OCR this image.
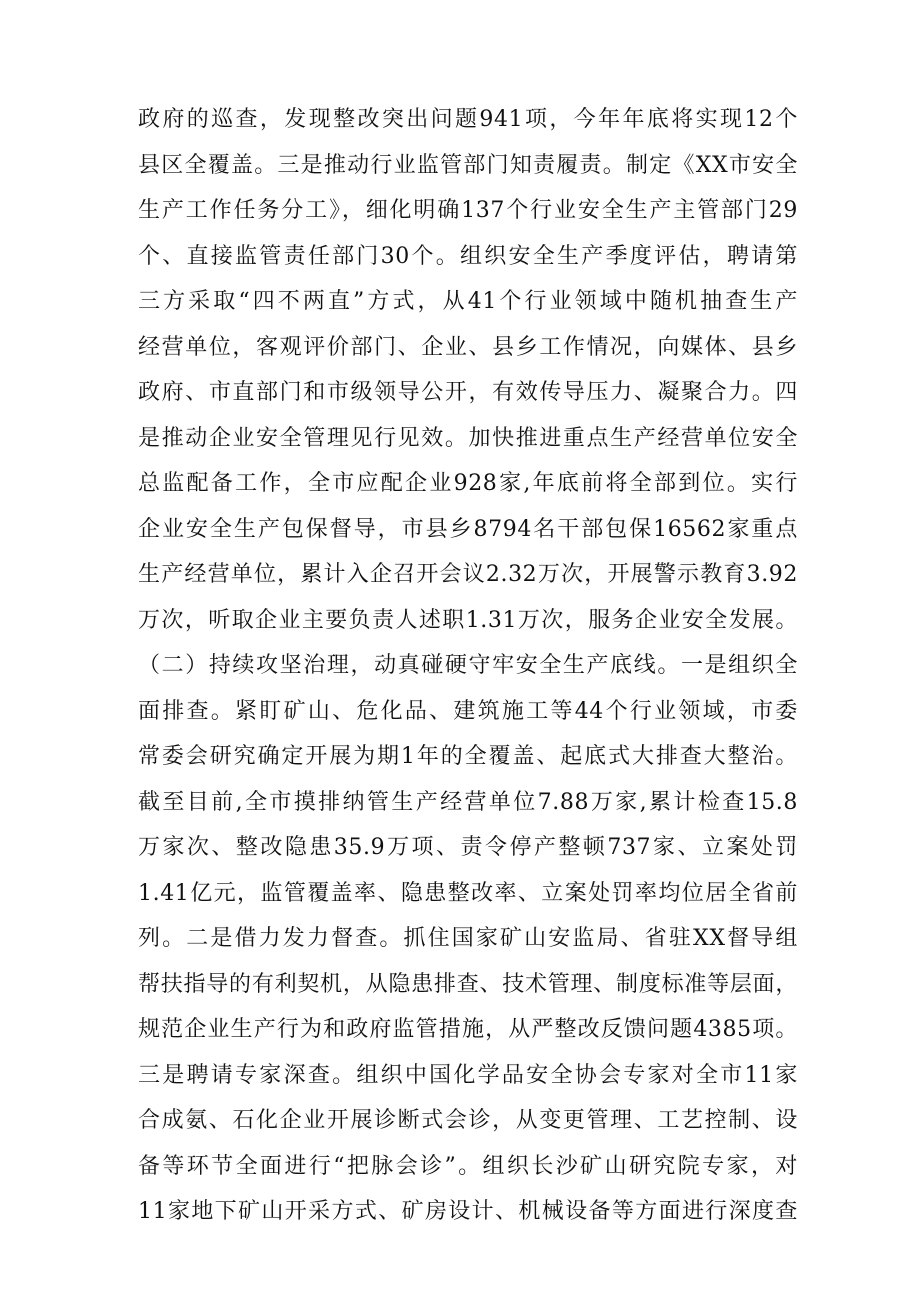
政府的巡查，发现整改突出问题941项，今年年底将实现12个
县区全覆盖。三是推动行业监管部门知责履责。制定《XX市安全
生产工作任务分工》，细化明确137个行业安全生产主管部门29
个、直接监管责任部门30个。组织安全生产季度评估，聘请第
三方采取“四不两直”方式，从41个行业领域中随机抽查生产
经营单位，客观评价部门、企业、县乡工作情况，向媒体、县乡
政府、市直部门和市级领导公开，有效传导压力、凝聚合力。四
是推动企业安全管理见行见效。加快推进重点生产经营单位安全
总监配备工作，全市应配企业928家,年底前将全部到位。实行
企业安全生产包保督导，市县乡8794名干部包保16562家重点
生产经营单位，累计入企召开会议2.32万次，开展警示教育3.92
万次，听取企业主要负责人述职1.31万次，服务企业安全发展。
（二）持续攻坚治理，动真碰硬守牢安全生产底线。一是组织全
面排查。紧盯矿山、危化品、建筑施工等44个行业领域，市委
常委会研究确定开展为期1年的全覆盖、起底式大排查大整治。
截至目前,全市摸排纳管生产经营单位7.88万家,累计检查15.8
万家次、整改隐患35.9万项、责令停产整顿737家、立案处罚
1.41亿元，监管覆盖率、隐患整改率、立案处罚率均位居全省前
列。二是借力发力督查。抓住国家矿山安监局、省驻XX督导组
帮扶指导的有利契机，从隐患排查、技术管理、制度标准等层面，
规范企业生产行为和政府监管措施，从严整改反馈问题4385项。
三是聘请专家深查。组织中国化学品安全协会专家对全市11家
合成氨、石化企业开展诊断式会诊，从变更管理、工艺控制、设
备等环节全面进行“把脉会诊”。组织长沙矿山研究院专家，对
11家地下矿山开采方式、矿房设计、机械设备等方面进行深度查
